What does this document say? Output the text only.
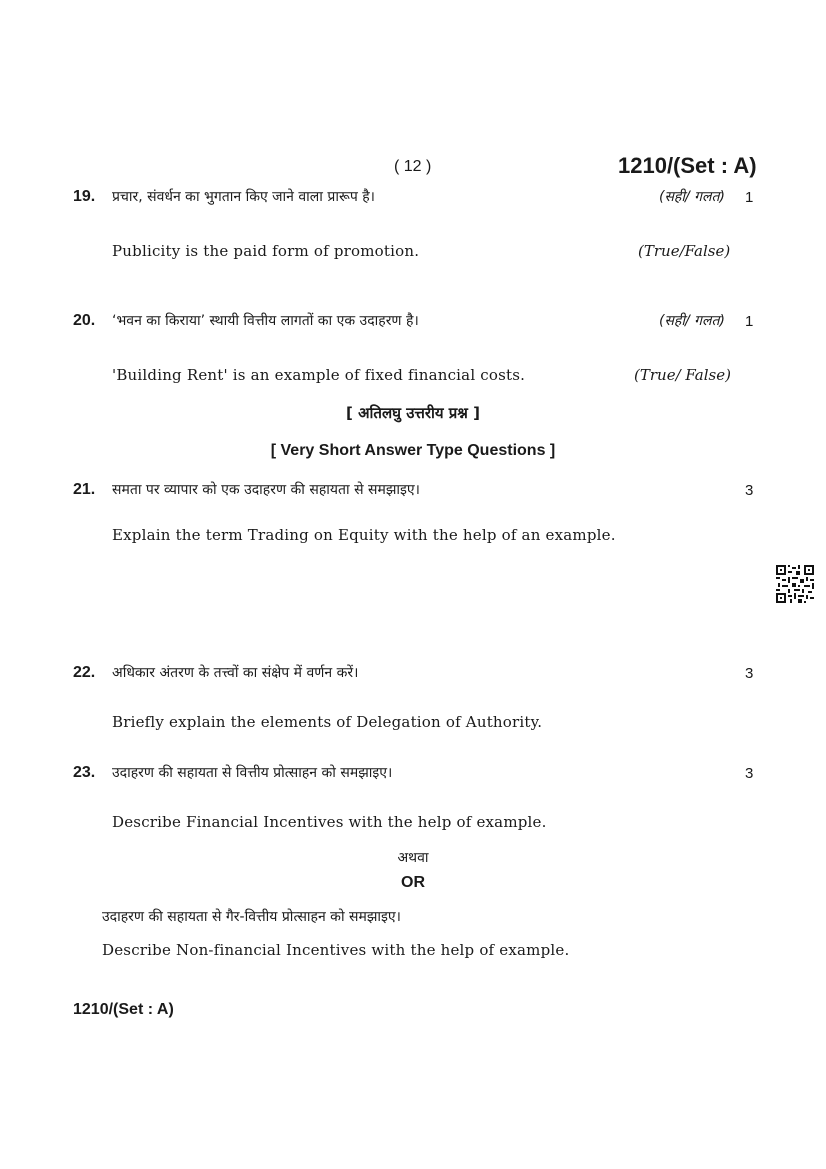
( 12 )	1210/(Set : A)
19. प्रचार, संवर्धन का भुगतान किए जाने वाला प्रारूप है।	(सही/ गलत) 1
Publicity is the paid form of promotion.	(True/False)
20. ‘भवन का किराया’ स्थायी वित्तीय लागतों का एक उदाहरण है।	(सही/ गलत) 1
'Building Rent' is an example of fixed financial costs.	(True/ False)
[ अतिलघु उत्तरीय प्रश्न ]
[ Very Short Answer Type Questions ]
21. समता पर व्यापार को एक उदाहरण की सहायता से समझाइए।	3
Explain the term Trading on Equity with the help of an example.
22. अधिकार अंतरण के तत्त्वों का संक्षेप में वर्णन करें।	3
Briefly explain the elements of Delegation of Authority.
23. उदाहरण की सहायता से वित्तीय प्रोत्साहन को समझाइए।	3
Describe Financial Incentives with the help of example.
अथवा
OR
उदाहरण की सहायता से गैर-वित्तीय प्रोत्साहन को समझाइए।
Describe Non-financial Incentives with the help of example.
1210/(Set : A)
